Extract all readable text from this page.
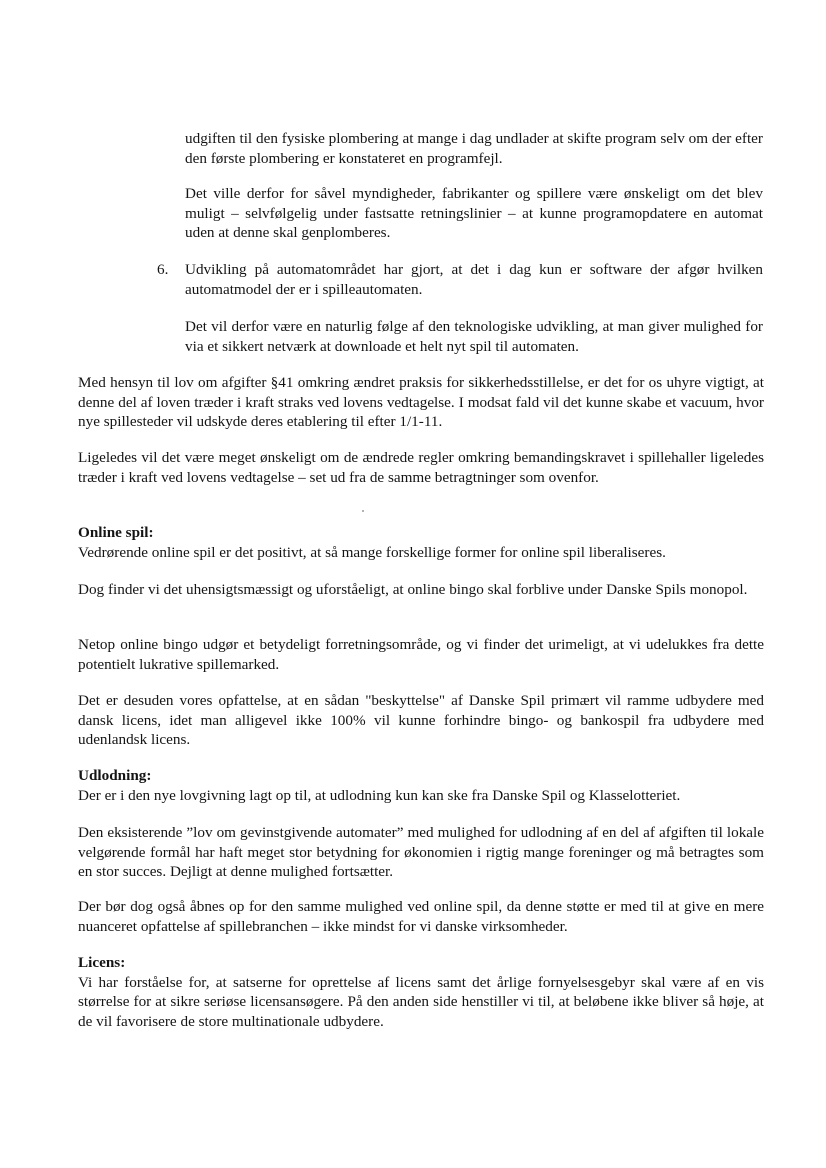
udgiften til den fysiske plombering at mange i dag undlader at skifte program selv om der efter den første plombering er konstateret en programfejl.

Det ville derfor for såvel myndigheder, fabrikanter og spillere være ønskeligt om det blev muligt – selvfølgelig under fastsatte retningslinier – at kunne programopdatere en automat uden at denne skal genplomberes.

6. Udvikling på automatområdet har gjort, at det i dag kun er software der afgør hvilken automatmodel der er i spilleautomaten.

Det vil derfor være en naturlig følge af den teknologiske udvikling, at man giver mulighed for via et sikkert netværk at downloade et helt nyt spil til automaten.

Med hensyn til lov om afgifter §41 omkring ændret praksis for sikkerhedsstillelse, er det for os uhyre vigtigt, at denne del af loven træder i kraft straks ved lovens vedtagelse. I modsat fald vil det kunne skabe et vacuum, hvor nye spillesteder vil udskyde deres etablering til efter 1/1-11.

Ligeledes vil det være meget ønskeligt om de ændrede regler omkring bemandingskravet i spillehaller ligeledes træder i kraft ved lovens vedtagelse – set ud fra de samme betragtninger som ovenfor.

Online spil:
Vedrørende online spil er det positivt, at så mange forskellige former for online spil liberaliseres.

Dog finder vi det uhensigtsmæssigt og uforståeligt, at online bingo skal forblive under Danske Spils monopol.

Netop online bingo udgør et betydeligt forretningsområde, og vi finder det urimeligt, at vi udelukkes fra dette potentielt lukrative spillemarked.

Det er desuden vores opfattelse, at en sådan "beskyttelse" af Danske Spil primært vil ramme udbydere med dansk licens, idet man alligevel ikke 100% vil kunne forhindre bingo- og bankospil fra udbydere med udenlandsk licens.

Udlodning:
Der er i den nye lovgivning lagt op til, at udlodning kun kan ske fra Danske Spil og Klasselotteriet.

Den eksisterende ”lov om gevinstgivende automater” med mulighed for udlodning af en del af afgiften til lokale velgørende formål har haft meget stor betydning for økonomien i rigtig mange foreninger og må betragtes som en stor succes. Dejligt at denne mulighed fortsætter.

Der bør dog også åbnes op for den samme mulighed ved online spil, da denne støtte er med til at give en mere nuanceret opfattelse af spillebranchen – ikke mindst for vi danske virksomheder.

Licens:
Vi har forståelse for, at satserne for oprettelse af licens samt det årlige fornyelsesgebyr skal være af en vis størrelse for at sikre seriøse licensansøgere. På den anden side henstiller vi til, at beløbene ikke bliver så høje, at de vil favorisere de store multinationale udbydere.
